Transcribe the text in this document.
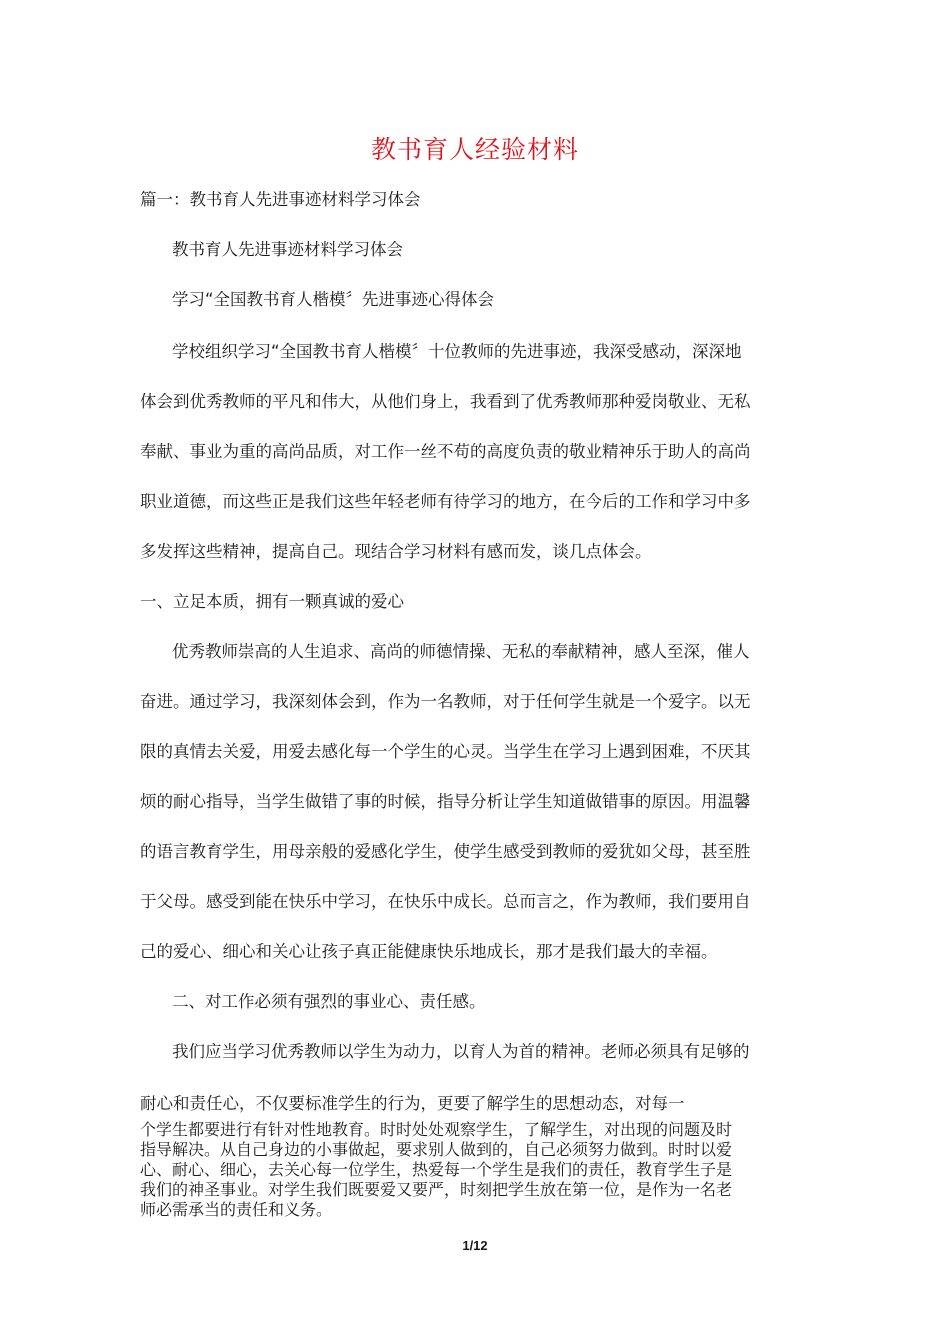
教书育人经验材料
篇一：教书育人先进事迹材料学习体会
教书育人先进事迹材料学习体会
学习“全国教书育人楷模〞先进事迹心得体会
学校组织学习“全国教书育人楷模〞十位教师的先进事迹，我深受感动，深深地
体会到优秀教师的平凡和伟大，从他们身上，我看到了优秀教师那种爱岗敬业、无私
奉献、事业为重的高尚品质，对工作一丝不苟的高度负责的敬业精神乐于助人的高尚
职业道德，而这些正是我们这些年轻老师有待学习的地方，在今后的工作和学习中多
多发挥这些精神，提高自己。现结合学习材料有感而发，谈几点体会。
一、立足本质，拥有一颗真诚的爱心
优秀教师崇高的人生追求、高尚的师德情操、无私的奉献精神，感人至深，催人
奋进。通过学习，我深刻体会到，作为一名教师，对于任何学生就是一个爱字。以无
限的真情去关爱，用爱去感化每一个学生的心灵。当学生在学习上遇到困难，不厌其
烦的耐心指导，当学生做错了事的时候，指导分析让学生知道做错事的原因。用温馨
的语言教育学生，用母亲般的爱感化学生，使学生感受到教师的爱犹如父母，甚至胜
于父母。感受到能在快乐中学习，在快乐中成长。总而言之，作为教师，我们要用自
己的爱心、细心和关心让孩子真正能健康快乐地成长，那才是我们最大的幸福。
二、对工作必须有强烈的事业心、责任感。
我们应当学习优秀教师以学生为动力，以育人为首的精神。老师必须具有足够的
耐心和责任心，不仅要标准学生的行为，更要了解学生的思想动态，对每一
个学生都要进行有针对性地教育。时时处处观察学生，了解学生，对出现的问题及时
指导解决。从自己身边的小事做起，要求别人做到的，自己必须努力做到。时时以爱
心、耐心、细心，去关心每一位学生，热爱每一个学生是我们的责任，教育学生子是
我们的神圣事业。对学生我们既要爱又要严，时刻把学生放在第一位，是作为一名老
师必需承当的责任和义务。
1/12
